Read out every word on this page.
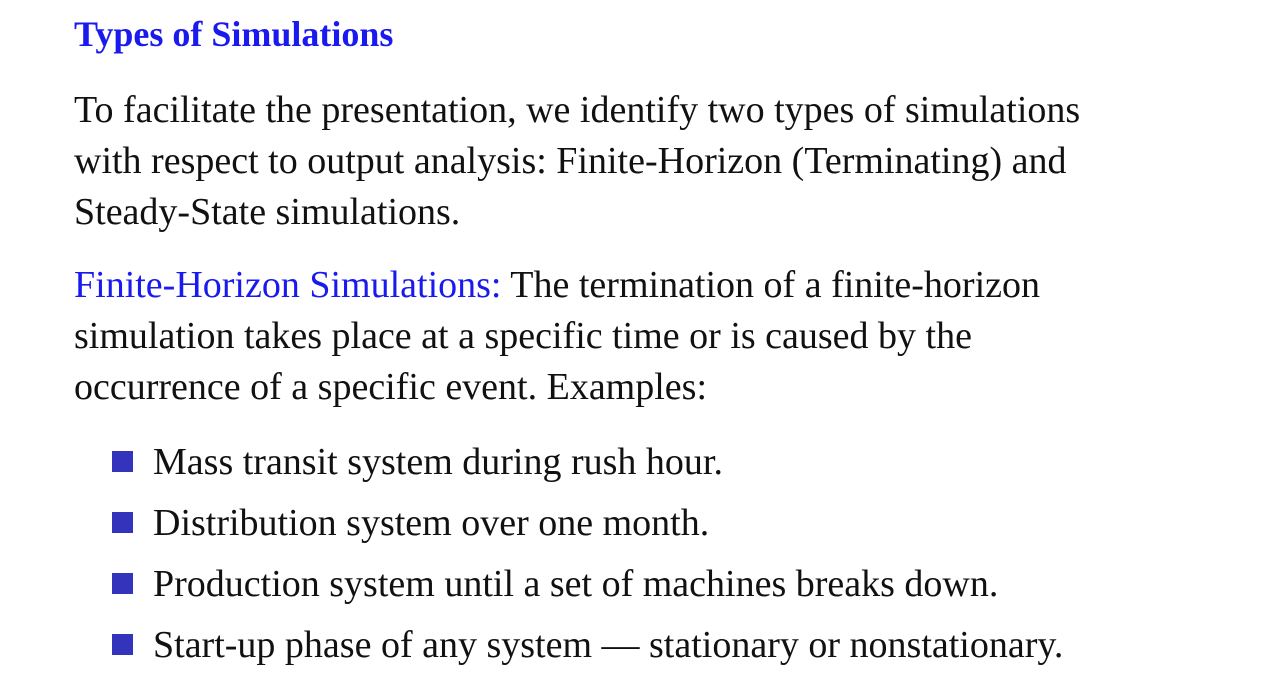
Types of Simulations

To facilitate the presentation, we identify two types of simulations
with respect to output analysis: Finite-Horizon (Terminating) and
Steady-State simulations.

Finite-Horizon Simulations: The termination of a finite-horizon
simulation takes place at a specific time or is caused by the
occurrence of a specific event. Examples:

Mass transit system during rush hour.
Distribution system over one month.
Production system until a set of machines breaks down.
Start-up phase of any system — stationary or nonstationary.
